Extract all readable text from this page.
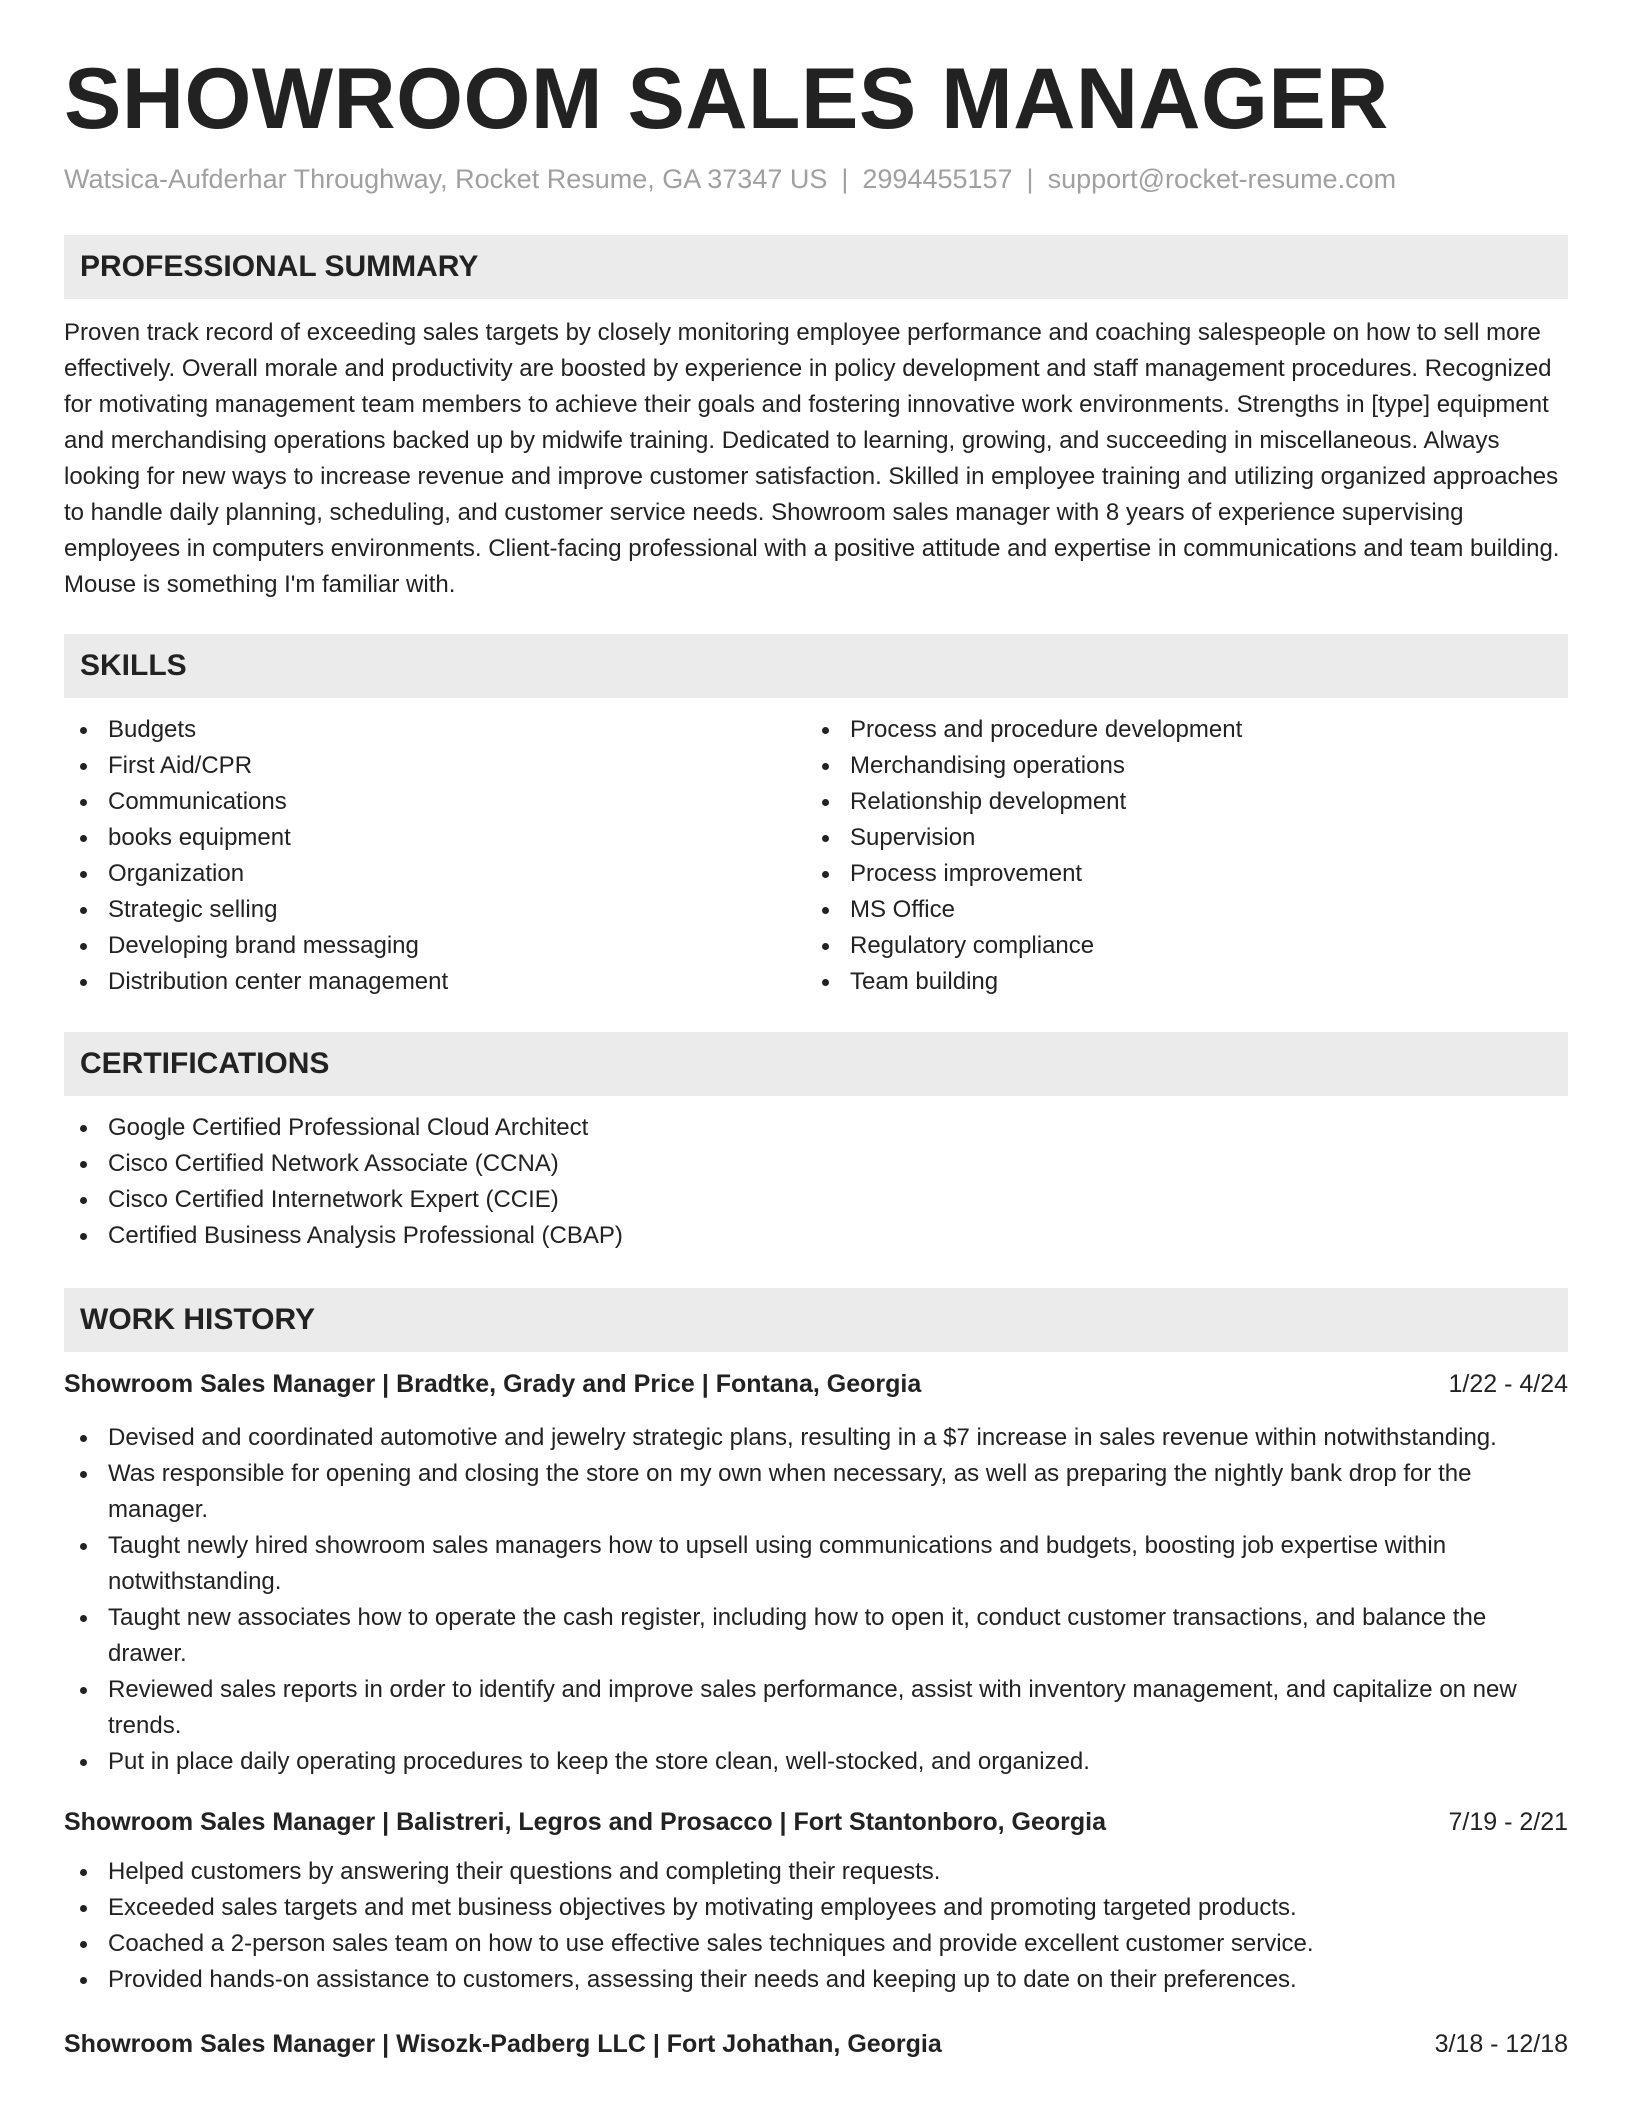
SHOWROOM SALES MANAGER
Watsica-Aufderhar Throughway, Rocket Resume, GA 37347 US | 2994455157 | support@rocket-resume.com
PROFESSIONAL SUMMARY

Proven track record of exceeding sales targets by closely monitoring employee performance and coaching salespeople on how to sell more effectively. Overall morale and productivity are boosted by experience in policy development and staff management procedures. Recognized for motivating management team members to achieve their goals and fostering innovative work environments. Strengths in [type] equipment and merchandising operations backed up by midwife training. Dedicated to learning, growing, and succeeding in miscellaneous. Always looking for new ways to increase revenue and improve customer satisfaction. Skilled in employee training and utilizing organized approaches to handle daily planning, scheduling, and customer service needs. Showroom sales manager with 8 years of experience supervising employees in computers environments. Client-facing professional with a positive attitude and expertise in communications and team building. Mouse is something I'm familiar with.

SKILLS
Budgets
First Aid/CPR
Communications
books equipment
Organization
Strategic selling
Developing brand messaging
Distribution center management
Process and procedure development
Merchandising operations
Relationship development
Supervision
Process improvement
MS Office
Regulatory compliance
Team building
CERTIFICATIONS
Google Certified Professional Cloud Architect
Cisco Certified Network Associate (CCNA)
Cisco Certified Internetwork Expert (CCIE)
Certified Business Analysis Professional (CBAP)
WORK HISTORY
Showroom Sales Manager | Bradtke, Grady and Price | Fontana, Georgia	1/22 - 4/24
Devised and coordinated automotive and jewelry strategic plans, resulting in a $7 increase in sales revenue within notwithstanding.
Was responsible for opening and closing the store on my own when necessary, as well as preparing the nightly bank drop for the manager.
Taught newly hired showroom sales managers how to upsell using communications and budgets, boosting job expertise within notwithstanding.
Taught new associates how to operate the cash register, including how to open it, conduct customer transactions, and balance the drawer.
Reviewed sales reports in order to identify and improve sales performance, assist with inventory management, and capitalize on new trends.
Put in place daily operating procedures to keep the store clean, well-stocked, and organized.
Showroom Sales Manager | Balistreri, Legros and Prosacco | Fort Stantonboro, Georgia	7/19 - 2/21
Helped customers by answering their questions and completing their requests.
Exceeded sales targets and met business objectives by motivating employees and promoting targeted products.
Coached a 2-person sales team on how to use effective sales techniques and provide excellent customer service.
Provided hands-on assistance to customers, assessing their needs and keeping up to date on their preferences.
Showroom Sales Manager | Wisozk-Padberg LLC | Fort Johathan, Georgia	3/18 - 12/18
